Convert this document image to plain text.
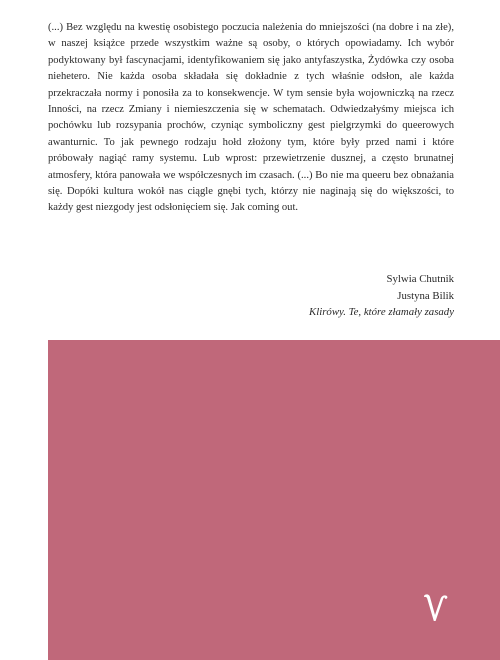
(...) Bez względu na kwestię osobistego poczucia należenia do mniejszości (na dobre i na złe), w naszej książce przede wszystkim ważne są osoby, o których opowiadamy. Ich wybór podyktowany był fascynacjami, identyfikowaniem się jako antyfaszystka, Żydówka czy osoba niehetero. Nie każda osoba składała się dokładnie z tych właśnie odsłon, ale każda przekraczała normy i ponosiła za to konsekwencje. W tym sensie była wojowniczką na rzecz Inności, na rzecz Zmiany i niemieszczenia się w schematach. Odwiedzałyśmy miejsca ich pochówku lub rozsypania prochów, czyniąc symboliczny gest pielgrzymki do queerowych awanturnic. To jak pewnego rodzaju hołd złożony tym, które były przed nami i które próbowały nagiąć ramy systemu. Lub wprost: przewietrzenie dusznej, a często brunatnej atmosfery, która panowała we współczesnych im czasach. (...) Bo nie ma queeru bez obnażania się. Dopóki kultura wokół nas ciągle gnębi tych, którzy nie naginają się do większości, to każdy gest niezgody jest odsłonięciem się. Jak coming out.

Sylwia Chutnik
Justyna Bilik
Klirówy. Te, które złamały zasady
